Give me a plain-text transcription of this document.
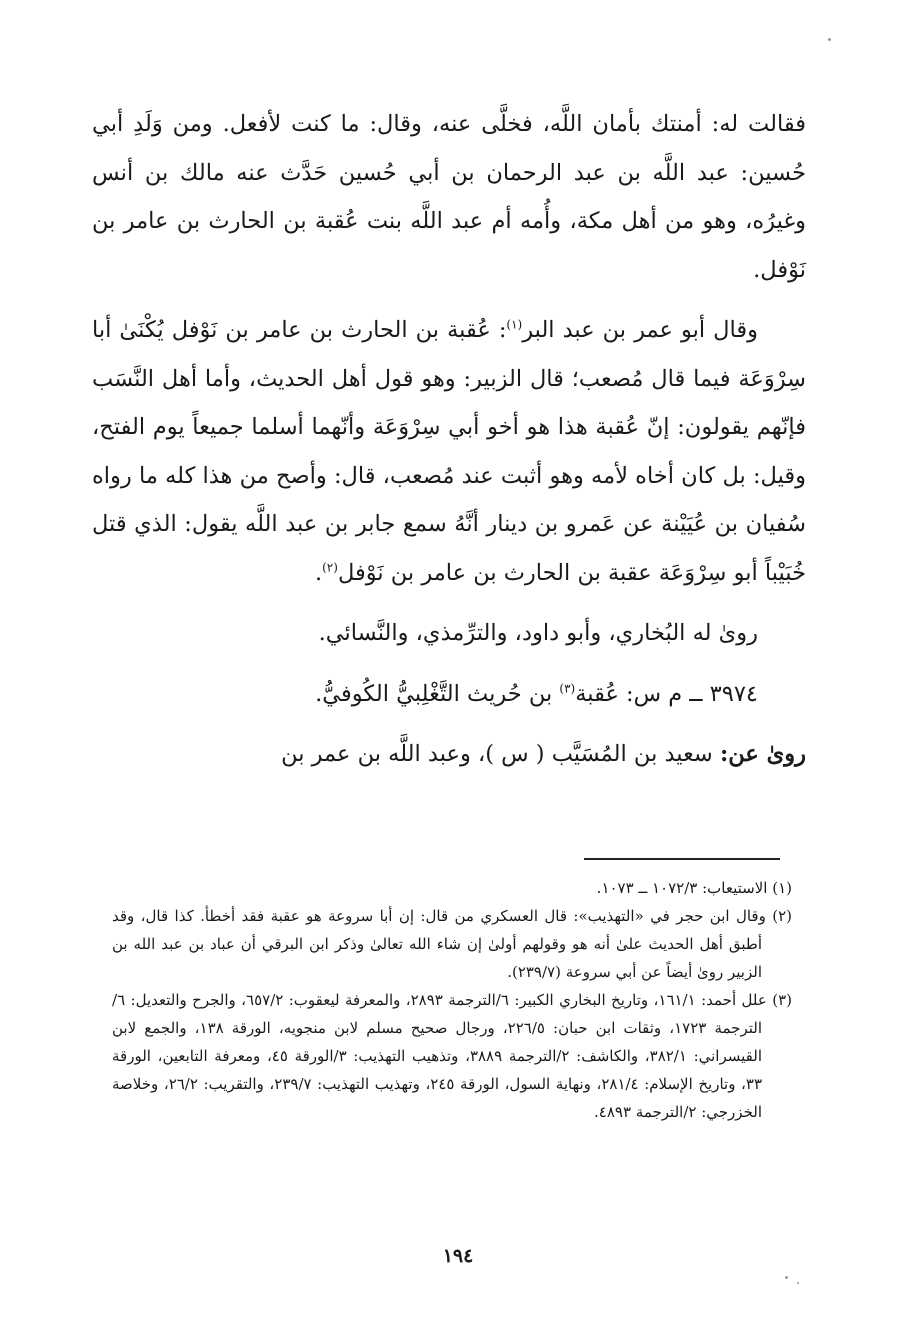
فقالت له: أمنتك بأمان اللَّه، فخلَّى عنه، وقال: ما كنت لأفعل. ومن وَلَدِ أبي حُسين: عبد اللَّه بن عبد الرحمان بن أبي حُسين حَدَّث عنه مالك بن أنس وغيرُه، وهو من أهل مكة، وأُمه أم عبد اللَّه بنت عُقبة بن الحارث بن عامر بن نَوْفل.

وقال أبو عمر بن عبد البر$^{(١)}$: عُقبة بن الحارث بن عامر بن نَوْفل يُكْنَىٰ أبا سِرْوَعَة فيما قال مُصعب؛ قال الزبير: وهو قول أهل الحديث، وأما أهل النَّسَب فإنّهم يقولون: إنّ عُقبة هذا هو أخو أبي سِرْوَعَة وأنّهما أسلما جميعاً يوم الفتح، وقيل: بل كان أخاه لأمه وهو أثبت عند مُصعب، قال: وأصح من هذا كله ما رواه سُفيان بن عُيَيْنة عن عَمرو بن دينار أنَّهُ سمع جابر بن عبد اللَّه يقول: الذي قتل خُبَيْباً أبو سِرْوَعَة عقبة بن الحارث بن عامر بن نَوْفل$^{(٢)}$.

روىٰ له البُخاري، وأبو داود، والترِّمذي، والنَّسائي.

٣٩٧٤ ــ م س: عُقبة$^{(٣)}$ بن حُريث التَّغْلِبيُّ الكُوفيُّ.

روىٰ عن: سعيد بن المُسَيَّب ( س )، وعبد اللَّه بن عمر بن

(١) الاستيعاب: ١٠٧٢/٣ ــ ١٠٧٣.

(٢) وقال ابن حجر في «التهذيب»: قال العسكري من قال: إن أبا سروعة هو عقبة فقد أخطأ. كذا قال، وقد أطبق أهل الحديث علىٰ أنه هو وقولهم أولىٰ إن شاء الله تعالىٰ وذكر ابن البرقي أن عباد بن عبد الله بن الزبير روىٰ أيضاً عن أبي سروعة (٢٣٩/٧).

(٣) علل أحمد: ١٦١/١، وتاريخ البخاري الكبير: ٦/الترجمة ٢٨٩٣، والمعرفة ليعقوب: ٦٥٧/٢، والجرح والتعديل: ٦/الترجمة ١٧٢٣، وثقات ابن حبان: ٢٢٦/٥، ورجال صحيح مسلم لابن منجويه، الورقة ١٣٨، والجمع لابن القيسراني: ٣٨٢/١، والكاشف: ٢/الترجمة ٣٨٨٩، وتذهيب التهذيب: ٣/الورقة ٤٥، ومعرفة التابعين، الورقة ٣٣، وتاريخ الإسلام: ٢٨١/٤، ونهاية السول، الورقة ٢٤٥، وتهذيب التهذيب: ٢٣٩/٧، والتقريب: ٢٦/٢، وخلاصة الخزرجي: ٢/الترجمة ٤٨٩٣.

١٩٤
